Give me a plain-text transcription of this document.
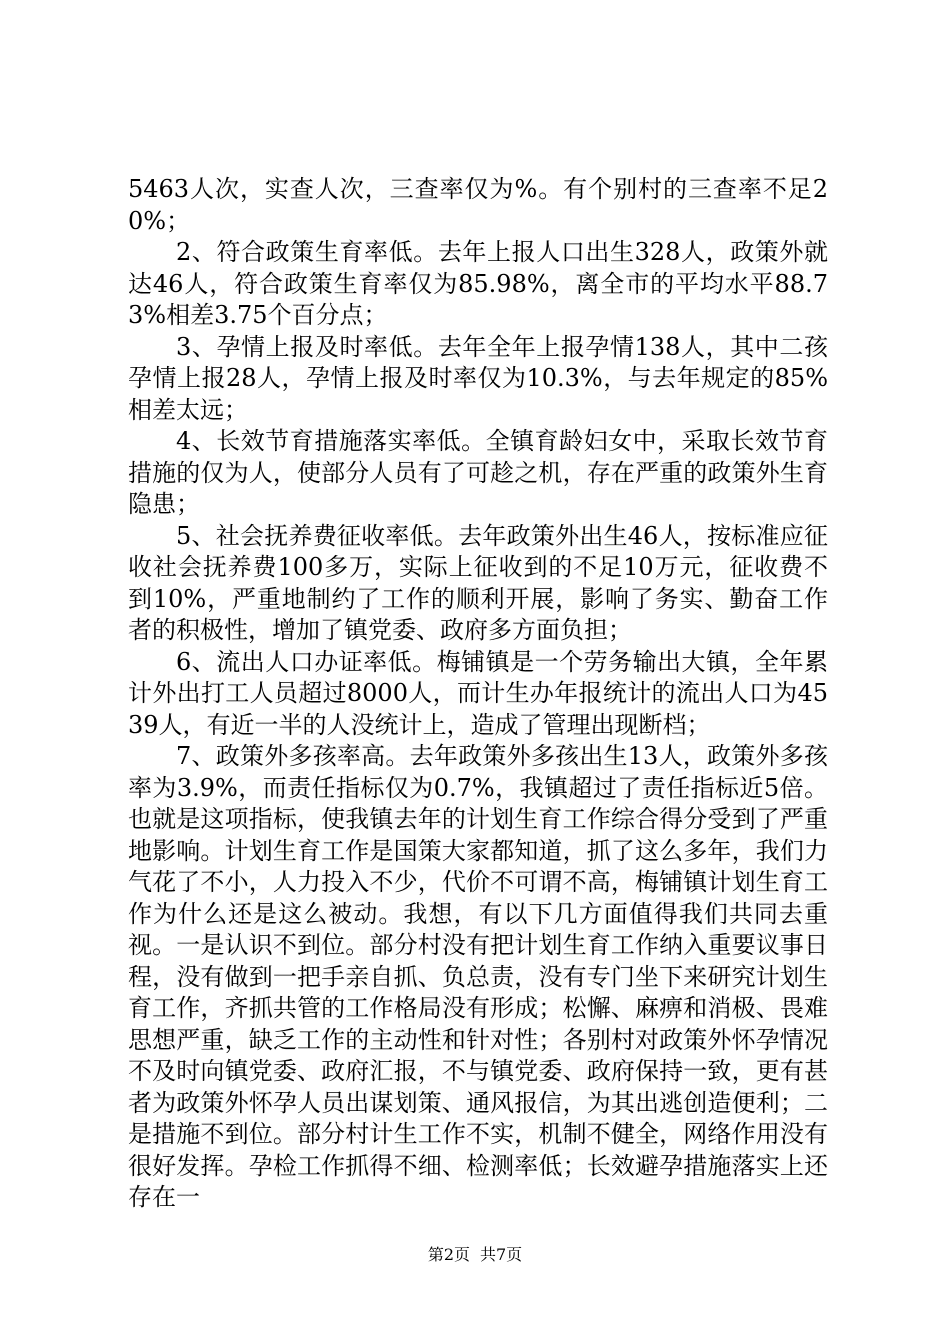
5463人次，实查人次，三查率仅为%。有个别村的三查率不足20%；

2、符合政策生育率低。去年上报人口出生328人，政策外就达46人，符合政策生育率仅为85.98%，离全市的平均水平88.73%相差3.75个百分点；

3、孕情上报及时率低。去年全年上报孕情138人，其中二孩孕情上报28人，孕情上报及时率仅为10.3%，与去年规定的85%相差太远；

4、长效节育措施落实率低。全镇育龄妇女中，采取长效节育措施的仅为人，使部分人员有了可趁之机，存在严重的政策外生育隐患；

5、社会抚养费征收率低。去年政策外出生46人，按标准应征收社会抚养费100多万，实际上征收到的不足10万元，征收费不到10%，严重地制约了工作的顺利开展，影响了务实、勤奋工作者的积极性，增加了镇党委、政府多方面负担；

6、流出人口办证率低。梅铺镇是一个劳务输出大镇，全年累计外出打工人员超过8000人，而计生办年报统计的流出人口为4539人，有近一半的人没统计上，造成了管理出现断档；

7、政策外多孩率高。去年政策外多孩出生13人，政策外多孩率为3.9%，而责任指标仅为0.7%，我镇超过了责任指标近5倍。也就是这项指标，使我镇去年的计划生育工作综合得分受到了严重地影响。计划生育工作是国策大家都知道，抓了这么多年，我们力气花了不小，人力投入不少，代价不可谓不高，梅铺镇计划生育工作为什么还是这么被动。我想，有以下几方面值得我们共同去重视。一是认识不到位。部分村没有把计划生育工作纳入重要议事日程，没有做到一把手亲自抓、负总责，没有专门坐下来研究计划生育工作，齐抓共管的工作格局没有形成；松懈、麻痹和消极、畏难思想严重，缺乏工作的主动性和针对性；各别村对政策外怀孕情况不及时向镇党委、政府汇报，不与镇党委、政府保持一致，更有甚者为政策外怀孕人员出谋划策、通风报信，为其出逃创造便利；二是措施不到位。部分村计生工作不实，机制不健全，网络作用没有很好发挥。孕检工作抓得不细、检测率低；长效避孕措施落实上还存在一

第2页 共7页
